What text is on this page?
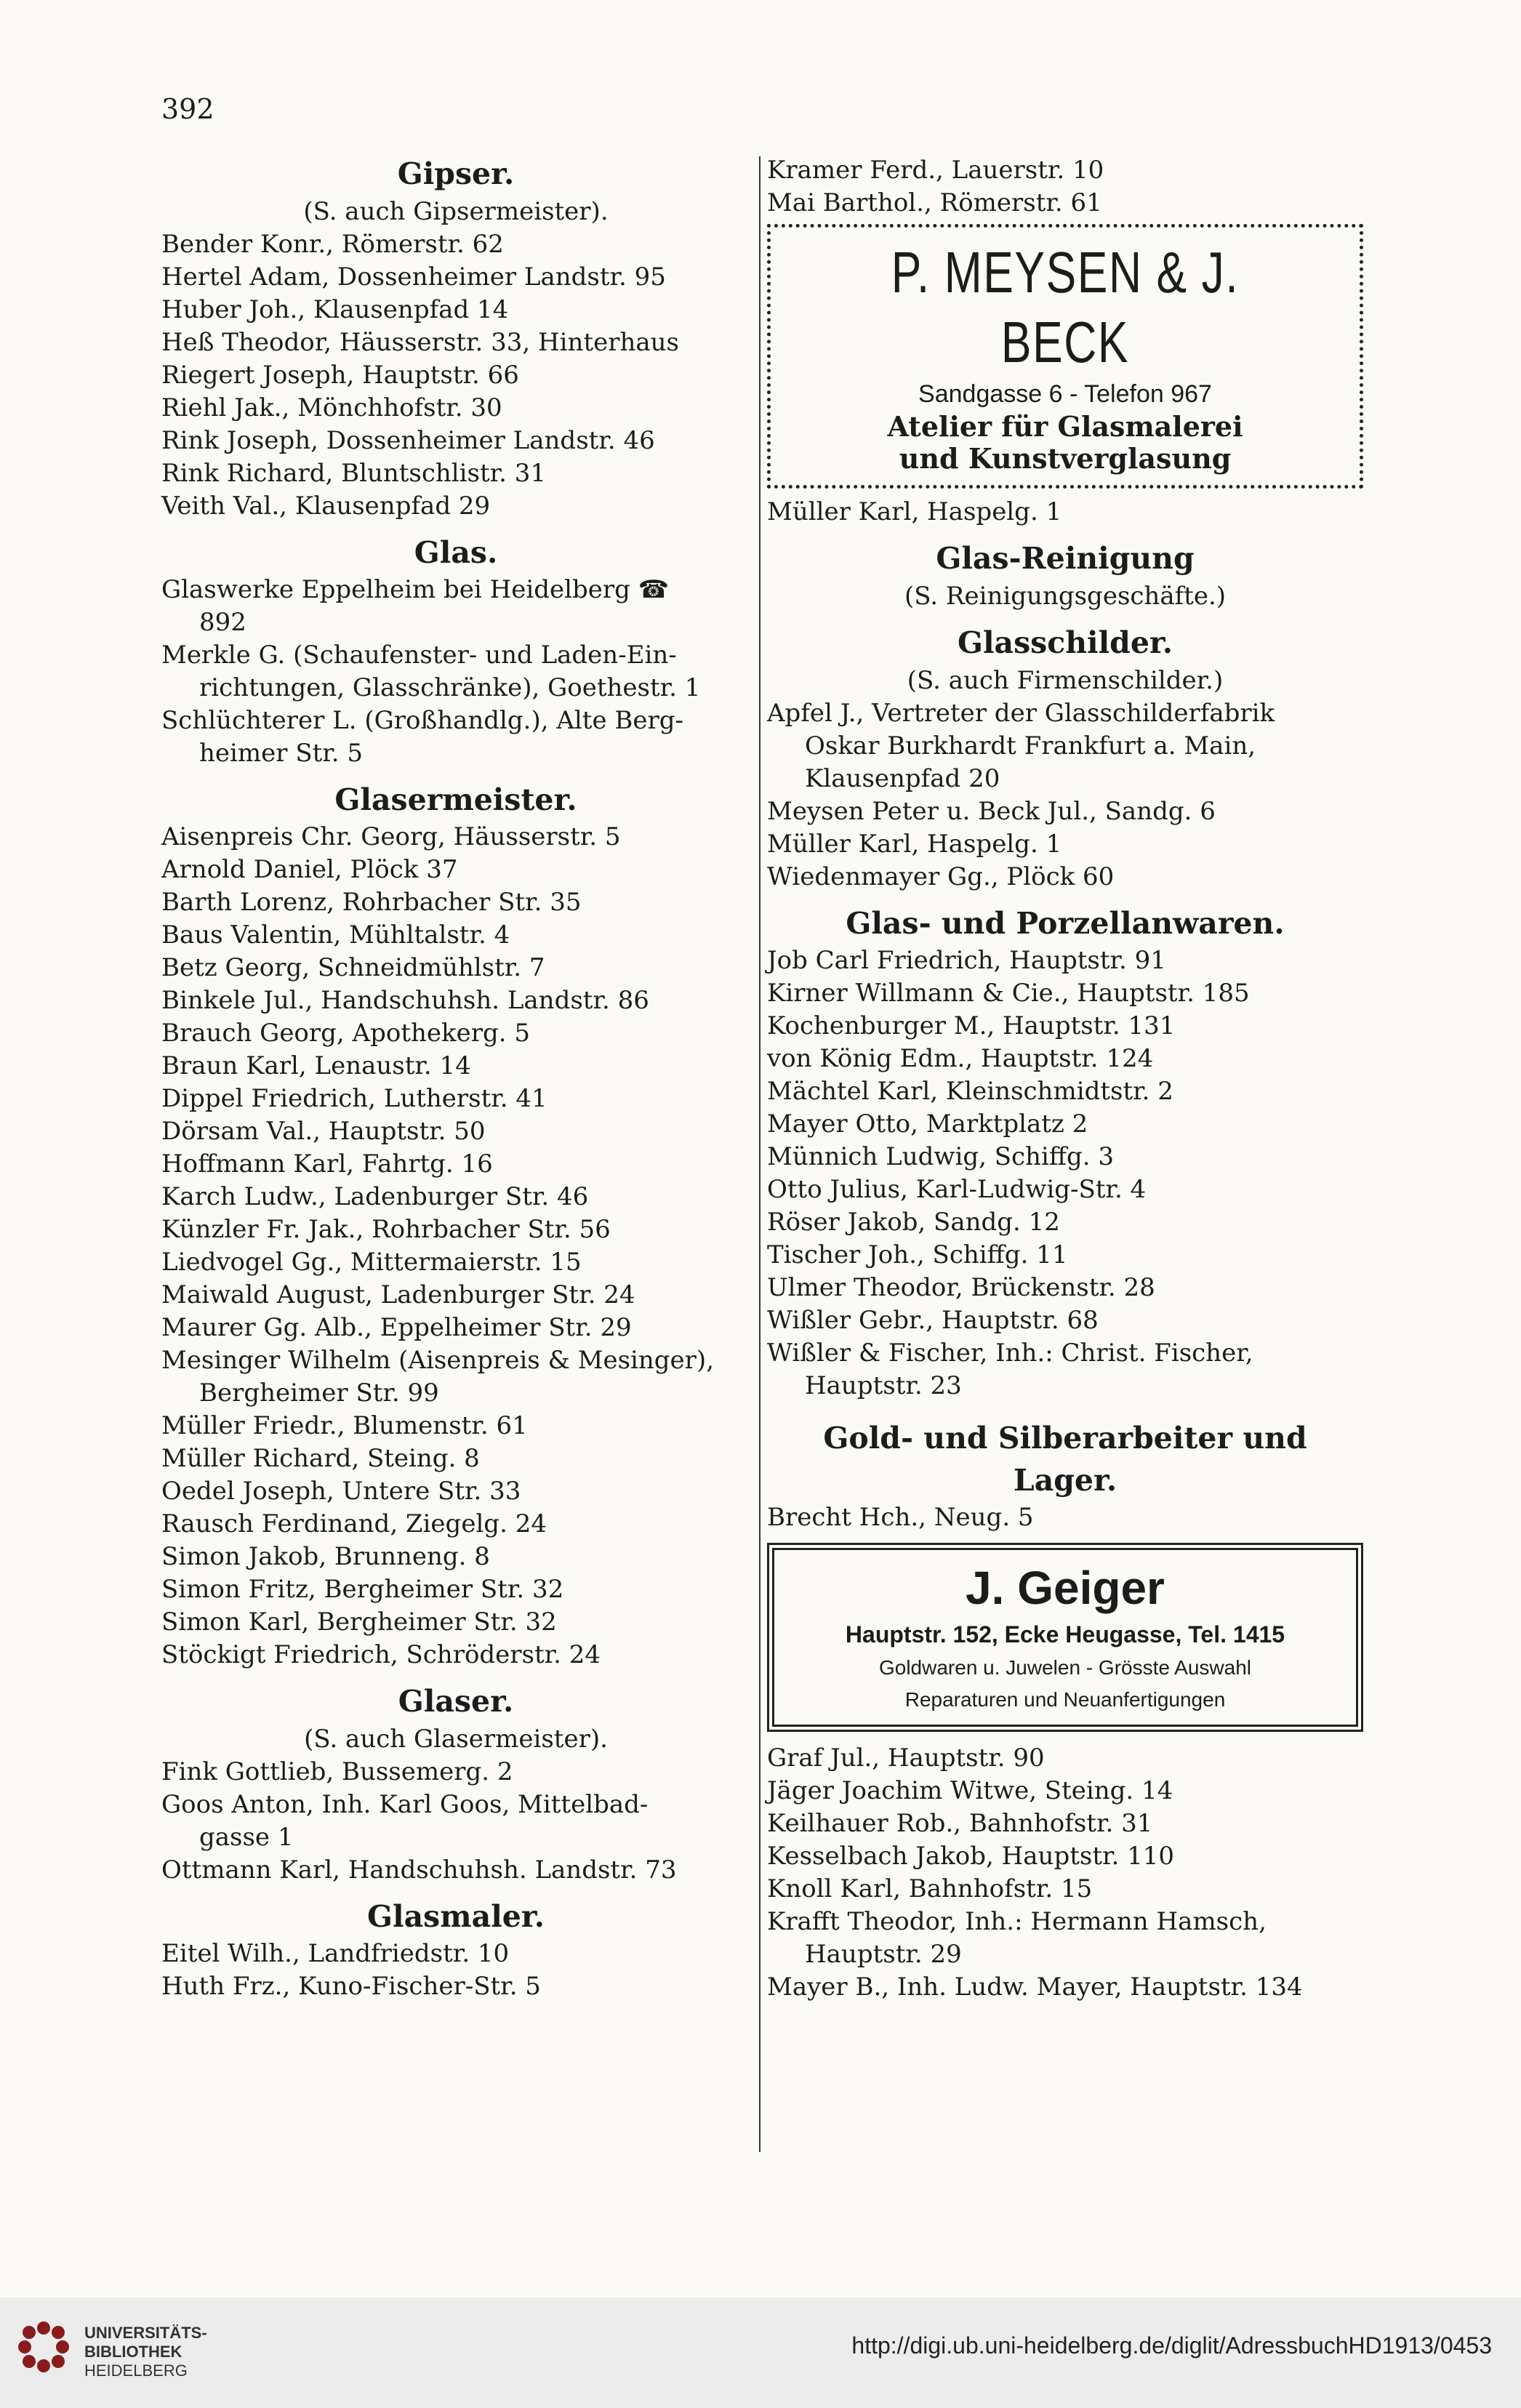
392
Gipser.
(S. auch Gipsermeister).
Bender Konr., Römerstr. 62
Hertel Adam, Dossenheimer Landstr. 95
Huber Joh., Klausenpfad 14
Heß Theodor, Häusserstr. 33, Hinterhaus
Riegert Joseph, Hauptstr. 66
Riehl Jak., Mönchhofstr. 30
Rink Joseph, Dossenheimer Landstr. 46
Rink Richard, Bluntschlistr. 31
Veith Val., Klausenpfad 29
Glas.
Glaswerke Eppelheim bei Heidelberg ☎
892
Merkle G. (Schaufenster- und Laden-Ein-
richtungen, Glasschränke), Goethestr. 1
Schlüchterer L. (Großhandlg.), Alte Berg-
heimer Str. 5
Glasermeister.
Aisenpreis Chr. Georg, Häusserstr. 5
Arnold Daniel, Plöck 37
Barth Lorenz, Rohrbacher Str. 35
Baus Valentin, Mühltalstr. 4
Betz Georg, Schneidmühlstr. 7
Binkele Jul., Handschuhsh. Landstr. 86
Brauch Georg, Apothekerg. 5
Braun Karl, Lenaustr. 14
Dippel Friedrich, Lutherstr. 41
Dörsam Val., Hauptstr. 50
Hoffmann Karl, Fahrtg. 16
Karch Ludw., Ladenburger Str. 46
Künzler Fr. Jak., Rohrbacher Str. 56
Liedvogel Gg., Mittermaierstr. 15
Maiwald August, Ladenburger Str. 24
Maurer Gg. Alb., Eppelheimer Str. 29
Mesinger Wilhelm (Aisenpreis & Mesinger),
Bergheimer Str. 99
Müller Friedr., Blumenstr. 61
Müller Richard, Steing. 8
Oedel Joseph, Untere Str. 33
Rausch Ferdinand, Ziegelg. 24
Simon Jakob, Brunneng. 8
Simon Fritz, Bergheimer Str. 32
Simon Karl, Bergheimer Str. 32
Stöckigt Friedrich, Schröderstr. 24
Glaser.
(S. auch Glasermeister).
Fink Gottlieb, Bussemerg. 2
Goos Anton, Inh. Karl Goos, Mittelbad-
gasse 1
Ottmann Karl, Handschuhsh. Landstr. 73
Glasmaler.
Eitel Wilh., Landfriedstr. 10
Huth Frz., Kuno-Fischer-Str. 5
Kramer Ferd., Lauerstr. 10
Mai Barthol., Römerstr. 61
P. MEYSEN & J. BECK
Sandgasse 6 - Telefon 967
Atelier für Glasmalerei
und Kunstverglasung
Müller Karl, Haspelg. 1
Glas-Reinigung
(S. Reinigungsgeschäfte.)
Glasschilder.
(S. auch Firmenschilder.)
Apfel J., Vertreter der Glasschilderfabrik
Oskar Burkhardt Frankfurt a. Main,
Klausenpfad 20
Meysen Peter u. Beck Jul., Sandg. 6
Müller Karl, Haspelg. 1
Wiedenmayer Gg., Plöck 60
Glas- und Porzellanwaren.
Job Carl Friedrich, Hauptstr. 91
Kirner Willmann & Cie., Hauptstr. 185
Kochenburger M., Hauptstr. 131
von König Edm., Hauptstr. 124
Mächtel Karl, Kleinschmidtstr. 2
Mayer Otto, Marktplatz 2
Münnich Ludwig, Schiffg. 3
Otto Julius, Karl-Ludwig-Str. 4
Röser Jakob, Sandg. 12
Tischer Joh., Schiffg. 11
Ulmer Theodor, Brückenstr. 28
Wißler Gebr., Hauptstr. 68
Wißler & Fischer, Inh.: Christ. Fischer,
Hauptstr. 23
Gold- und Silberarbeiter und
Lager.
Brecht Hch., Neug. 5
J. Geiger
Hauptstr. 152, Ecke Heugasse, Tel. 1415
Goldwaren u. Juwelen - Grösste Auswahl
Reparaturen und Neuanfertigungen
Graf Jul., Hauptstr. 90
Jäger Joachim Witwe, Steing. 14
Keilhauer Rob., Bahnhofstr. 31
Kesselbach Jakob, Hauptstr. 110
Knoll Karl, Bahnhofstr. 15
Krafft Theodor, Inh.: Hermann Hamsch,
Hauptstr. 29
Mayer B., Inh. Ludw. Mayer, Hauptstr. 134
UNIVERSITÄTS-
BIBLIOTHEK
HEIDELBERG
http://digi.ub.uni-heidelberg.de/diglit/AdressbuchHD1913/0453
